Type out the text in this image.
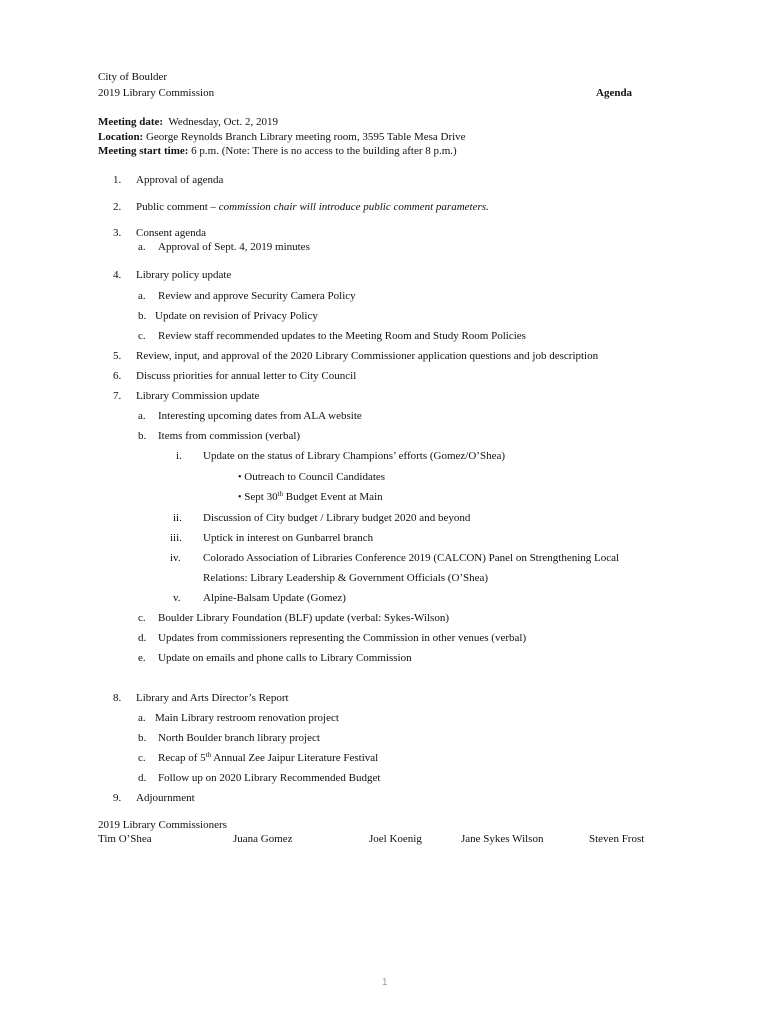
City of Boulder
2019 Library Commission	Agenda
Meeting date: Wednesday, Oct. 2, 2019
Location: George Reynolds Branch Library meeting room, 3595 Table Mesa Drive
Meeting start time: 6 p.m. (Note: There is no access to the building after 8 p.m.)
1. Approval of agenda
2. Public comment – commission chair will introduce public comment parameters.
3. Consent agenda
a. Approval of Sept. 4, 2019 minutes
4. Library policy update
a. Review and approve Security Camera Policy
b. Update on revision of Privacy Policy
c. Review staff recommended updates to the Meeting Room and Study Room Policies
5. Review, input, and approval of the 2020 Library Commissioner application questions and job description
6. Discuss priorities for annual letter to City Council
7. Library Commission update
a. Interesting upcoming dates from ALA website
b. Items from commission (verbal)
i. Update on the status of Library Champions’ efforts (Gomez/O’Shea)
• Outreach to Council Candidates
• Sept 30th Budget Event at Main
ii. Discussion of City budget / Library budget 2020 and beyond
iii. Uptick in interest on Gunbarrel branch
iv. Colorado Association of Libraries Conference 2019 (CALCON) Panel on Strengthening Local
Relations: Library Leadership & Government Officials (O’Shea)
v. Alpine-Balsam Update (Gomez)
c. Boulder Library Foundation (BLF) update (verbal: Sykes-Wilson)
d. Updates from commissioners representing the Commission in other venues (verbal)
e. Update on emails and phone calls to Library Commission
8. Library and Arts Director’s Report
a. Main Library restroom renovation project
b. North Boulder branch library project
c. Recap of 5th Annual Zee Jaipur Literature Festival
d. Follow up on 2020 Library Recommended Budget
9. Adjournment
2019 Library Commissioners
Tim O’Shea	Juana Gomez	Joel Koenig	Jane Sykes Wilson	Steven Frost
1
